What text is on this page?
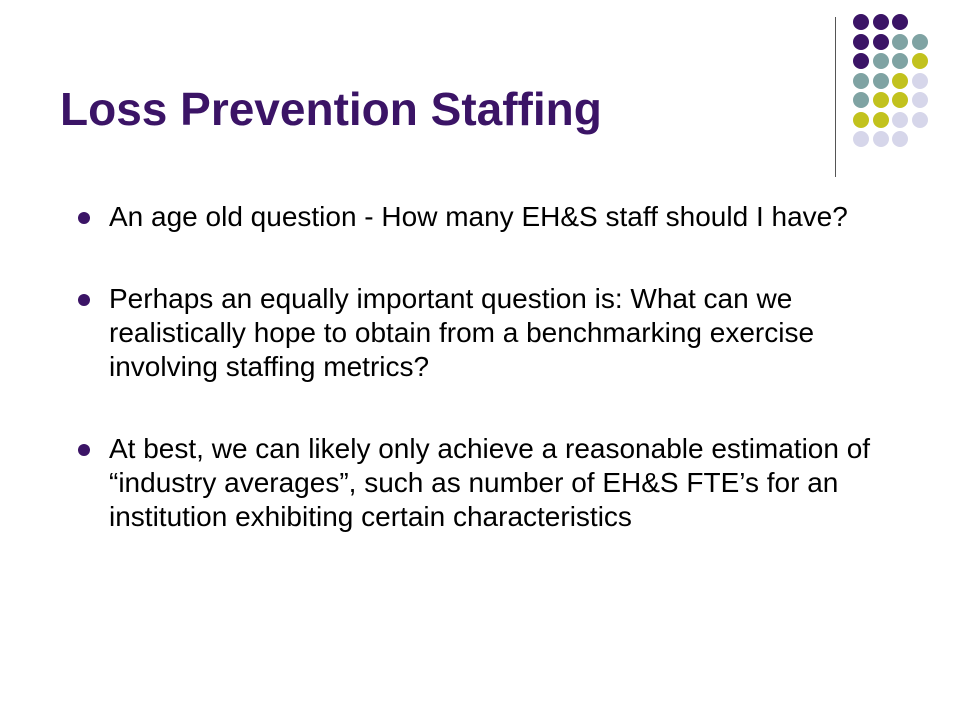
Loss Prevention Staffing
An age old question - How many EH&S staff should I have?
Perhaps an equally important question is: What can we realistically hope to obtain from a benchmarking exercise involving staffing metrics?
At best, we can likely only achieve a reasonable estimation of “industry averages”, such as number of EH&S FTE’s for an institution exhibiting certain characteristics
